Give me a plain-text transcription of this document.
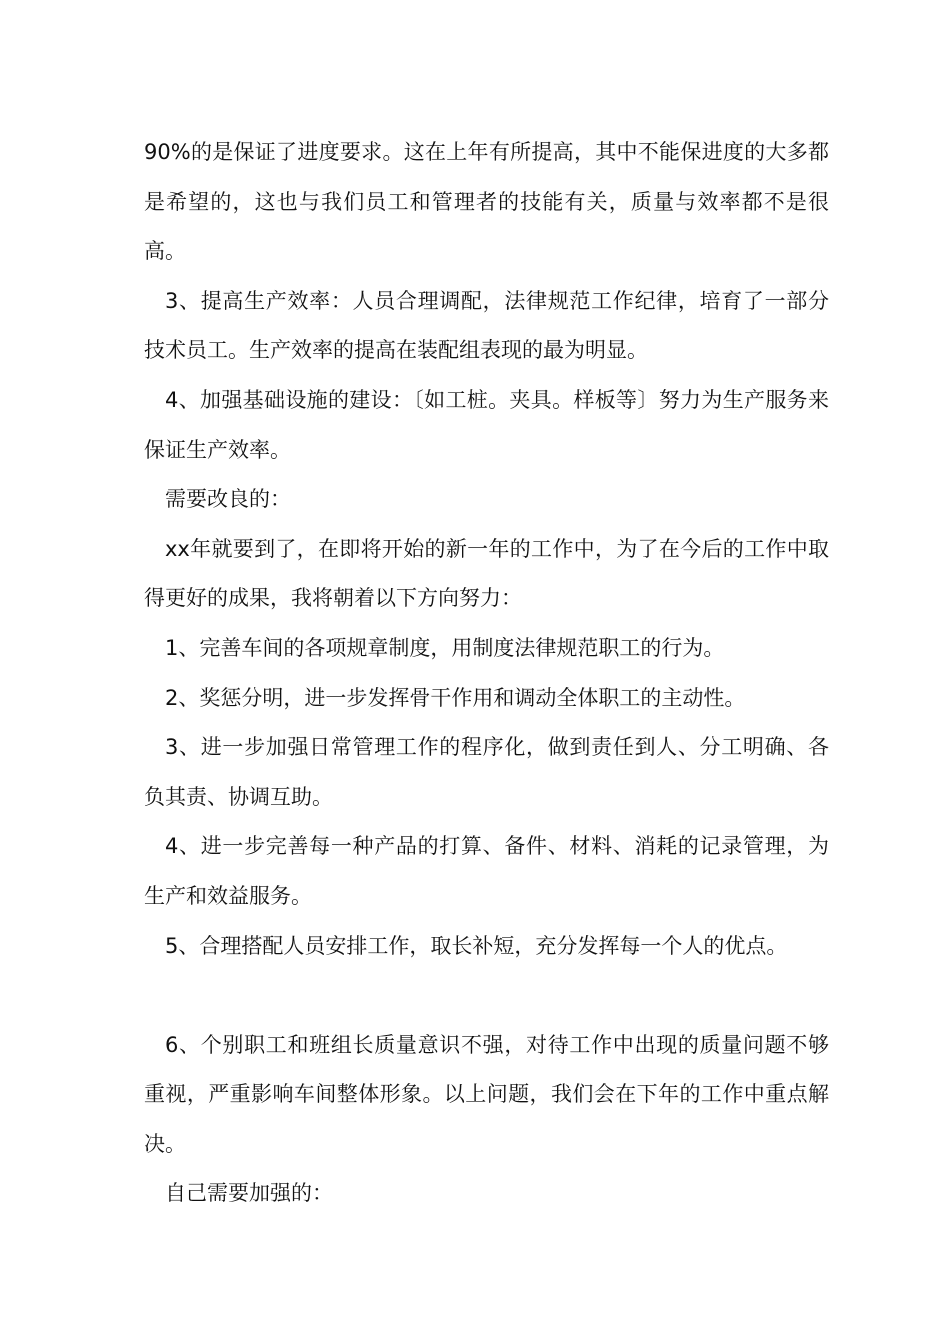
90%的是保证了进度要求。这在上年有所提高，其中不能保进度的大多都是希望的，这也与我们员工和管理者的技能有关，质量与效率都不是很高。

3、提高生产效率：人员合理调配，法律规范工作纪律，培育了一部分技术员工。生产效率的提高在装配组表现的最为明显。

4、加强基础设施的建设：〔如工桩。夹具。样板等〕努力为生产服务来保证生产效率。

需要改良的：

xx年就要到了，在即将开始的新一年的工作中，为了在今后的工作中取得更好的成果，我将朝着以下方向努力：

1、完善车间的各项规章制度，用制度法律规范职工的行为。

2、奖惩分明，进一步发挥骨干作用和调动全体职工的主动性。

3、进一步加强日常管理工作的程序化，做到责任到人、分工明确、各负其责、协调互助。

4、进一步完善每一种产品的打算、备件、材料、消耗的记录管理，为生产和效益服务。

5、合理搭配人员安排工作，取长补短，充分发挥每一个人的优点。

6、个别职工和班组长质量意识不强，对待工作中出现的质量问题不够重视，严重影响车间整体形象。以上问题，我们会在下年的工作中重点解决。

自己需要加强的：
